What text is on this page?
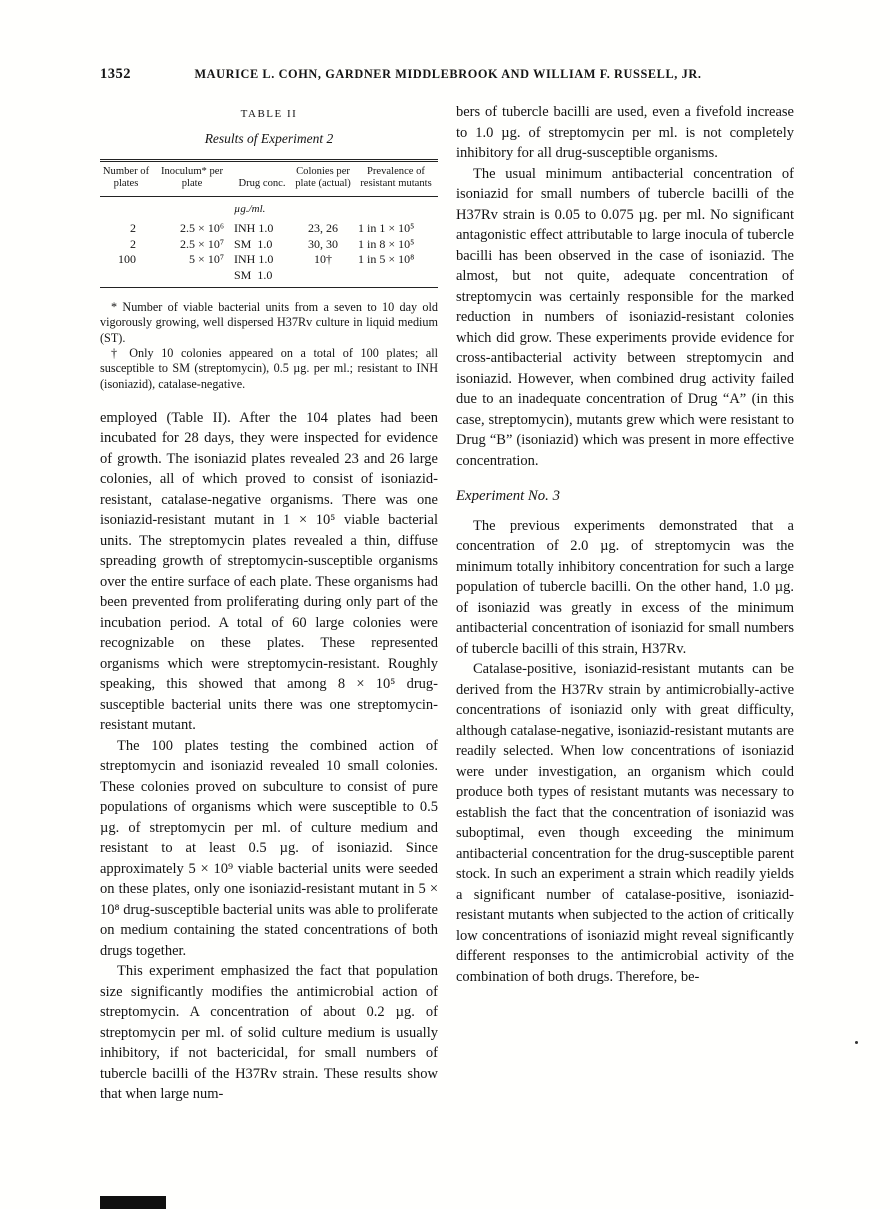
1352	MAURICE L. COHN, GARDNER MIDDLEBROOK AND WILLIAM F. RUSSELL, JR.
TABLE II
Results of Experiment 2
Number of plates	Inoculum* per plate	Drug conc.	Colonies per plate (actual)	Prevalence of resistant mutants
		µg./ml.		
2	2.5 × 10⁶	INH 1.0	23, 26	1 in 1 × 10⁵
2	2.5 × 10⁷	SM  1.0	30, 30	1 in 8 × 10⁵
100	5 × 10⁷	INH 1.0	10†	1 in 5 × 10⁸
		SM  1.0		
* Number of viable bacterial units from a seven to 10 day old vigorously growing, well dispersed H37Rv culture in liquid medium (ST).
† Only 10 colonies appeared on a total of 100 plates; all susceptible to SM (streptomycin), 0.5 µg. per ml.; resistant to INH (isoniazid), catalase-negative.

employed (Table II). After the 104 plates had been incubated for 28 days, they were inspected for evidence of growth. The isoniazid plates revealed 23 and 26 large colonies, all of which proved to consist of isoniazid-resistant, catalase-negative organisms. There was one isoniazid-resistant mutant in 1 × 10⁵ viable bacterial units. The streptomycin plates revealed a thin, diffuse spreading growth of streptomycin-susceptible organisms over the entire surface of each plate. These organisms had been prevented from proliferating during only part of the incubation period. A total of 60 large colonies were recognizable on these plates. These represented organisms which were streptomycin-resistant. Roughly speaking, this showed that among 8 × 10⁵ drug-susceptible bacterial units there was one streptomycin-resistant mutant.

The 100 plates testing the combined action of streptomycin and isoniazid revealed 10 small colonies. These colonies proved on subculture to consist of pure populations of organisms which were susceptible to 0.5 µg. of streptomycin per ml. of culture medium and resistant to at least 0.5 µg. of isoniazid. Since approximately 5 × 10⁹ viable bacterial units were seeded on these plates, only one isoniazid-resistant mutant in 5 × 10⁸ drug-susceptible bacterial units was able to proliferate on medium containing the stated concentrations of both drugs together.

This experiment emphasized the fact that population size significantly modifies the antimicrobial action of streptomycin. A concentration of about 0.2 µg. of streptomycin per ml. of solid culture medium is usually inhibitory, if not bactericidal, for small numbers of tubercle bacilli of the H37Rv strain. These results show that when large num-

bers of tubercle bacilli are used, even a fivefold increase to 1.0 µg. of streptomycin per ml. is not completely inhibitory for all drug-susceptible organisms.

The usual minimum antibacterial concentration of isoniazid for small numbers of tubercle bacilli of the H37Rv strain is 0.05 to 0.075 µg. per ml. No significant antagonistic effect attributable to large inocula of tubercle bacilli has been observed in the case of isoniazid. The almost, but not quite, adequate concentration of streptomycin was certainly responsible for the marked reduction in numbers of isoniazid-resistant colonies which did grow. These experiments provide evidence for cross-antibacterial activity between streptomycin and isoniazid. However, when combined drug activity failed due to an inadequate concentration of Drug “A” (in this case, streptomycin), mutants grew which were resistant to Drug “B” (isoniazid) which was present in more effective concentration.

Experiment No. 3

The previous experiments demonstrated that a concentration of 2.0 µg. of streptomycin was the minimum totally inhibitory concentration for such a large population of tubercle bacilli. On the other hand, 1.0 µg. of isoniazid was greatly in excess of the minimum antibacterial concentration of isoniazid for small numbers of tubercle bacilli of this strain, H37Rv.

Catalase-positive, isoniazid-resistant mutants can be derived from the H37Rv strain by antimicrobially-active concentrations of isoniazid only with great difficulty, although catalase-negative, isoniazid-resistant mutants are readily selected. When low concentrations of isoniazid were under investigation, an organism which could produce both types of resistant mutants was necessary to establish the fact that the concentration of isoniazid was suboptimal, even though exceeding the minimum antibacterial concentration for the drug-susceptible parent stock. In such an experiment a strain which readily yields a significant number of catalase-positive, isoniazid-resistant mutants when subjected to the action of critically low concentrations of isoniazid might reveal significantly different responses to the antimicrobial activity of the combination of both drugs. Therefore, be-
